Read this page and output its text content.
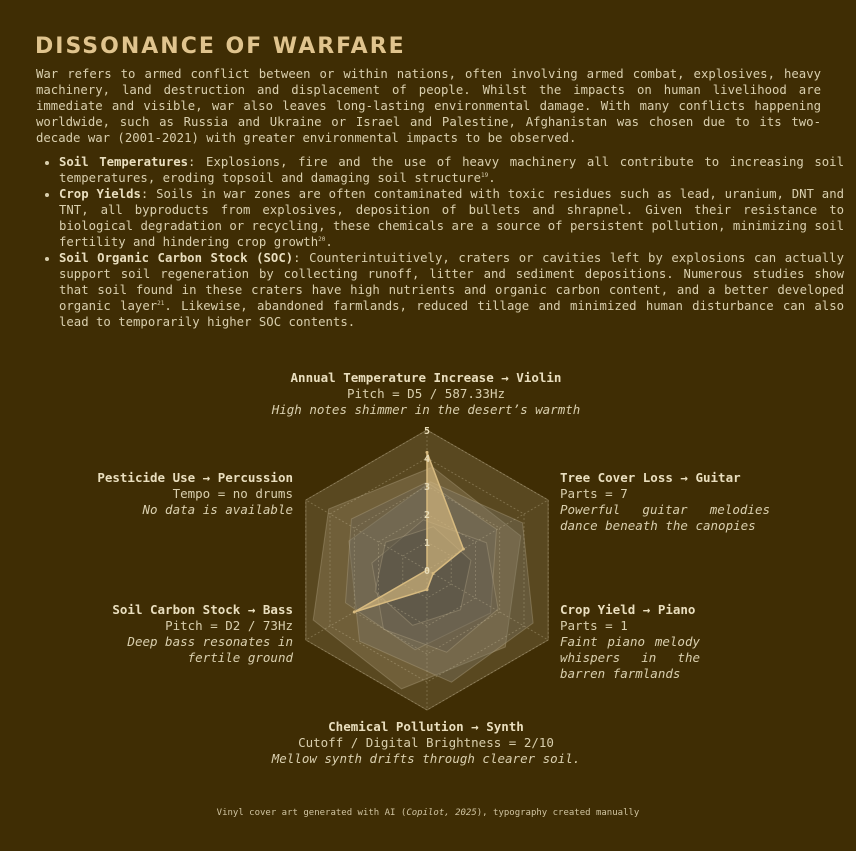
DISSONANCE OF WARFARE

War refers to armed conflict between or within nations, often involving armed combat, explosives, heavy machinery, land destruction and displacement of people. Whilst the impacts on human livelihood are immediate and visible, war also leaves long-lasting environmental damage. With many conflicts happening worldwide, such as Russia and Ukraine or Israel and Palestine, Afghanistan was chosen due to its two-decade war (2001-2021) with greater environmental impacts to be observed.

• Soil Temperatures: Explosions, fire and the use of heavy machinery all contribute to increasing soil temperatures, eroding topsoil and damaging soil structure$^{19}$.
• Crop Yields: Soils in war zones are often contaminated with toxic residues such as lead, uranium, DNT and TNT, all byproducts from explosives, deposition of bullets and shrapnel. Given their resistance to biological degradation or recycling, these chemicals are a source of persistent pollution, minimizing soil fertility and hindering crop growth$^{20}$.
• Soil Organic Carbon Stock (SOC): Counterintuitively, craters or cavities left by explosions can actually support soil regeneration by collecting runoff, litter and sediment depositions. Numerous studies show that soil found in these craters have high nutrients and organic carbon content, and a better developed organic layer$^{21}$. Likewise, abandoned farmlands, reduced tillage and minimized human disturbance can also lead to temporarily higher SOC contents.
0
1
2
3
4
5
Annual Temperature Increase → Violin
Pitch = D5 / 587.33Hz
High notes shimmer in the desert’s warmth
Tree Cover Loss → Guitar
Parts = 7
Powerful guitar melodies dance beneath the canopies
Crop Yield → Piano
Parts = 1
Faint piano melody whispers in the barren farmlands
Chemical Pollution → Synth
Cutoff / Digital Brightness = 2/10
Mellow synth drifts through clearer soil.
Soil Carbon Stock → Bass
Pitch = D2 / 73Hz
Deep bass resonates in fertile ground
Pesticide Use → Percussion
Tempo = no drums
No data is available
Vinyl cover art generated with AI (Copilot, 2025), typography created manually
